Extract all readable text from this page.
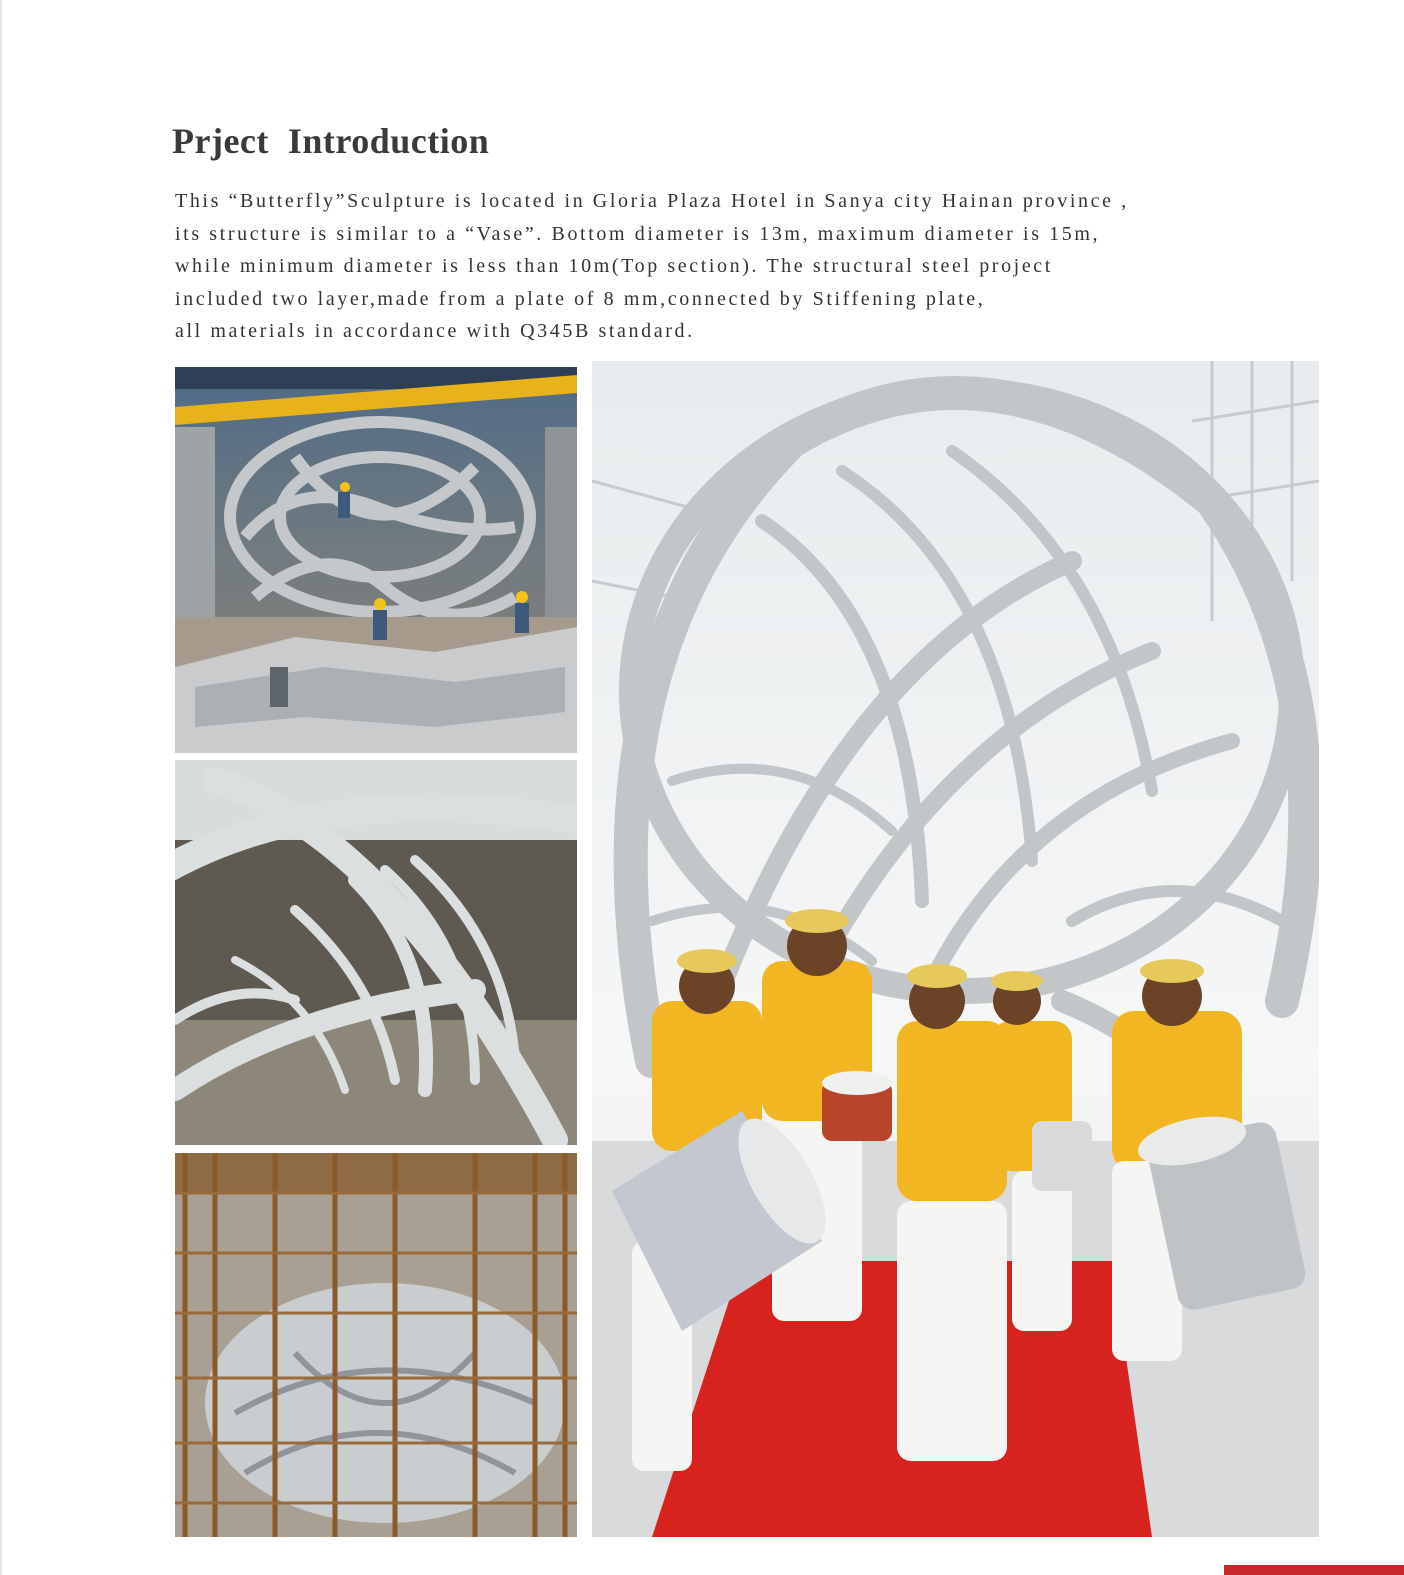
Prject  Introduction
This “Butterfly”Sculpture is located in Gloria Plaza Hotel in Sanya city Hainan province ,
its structure is similar to a “Vase”. Bottom diameter is 13m, maximum diameter is 15m,
while minimum diameter is less than 10m(Top section). The structural steel project
included two layer,made from a plate of 8 mm,connected by Stiffening plate,
all materials in accordance with Q345B standard.
